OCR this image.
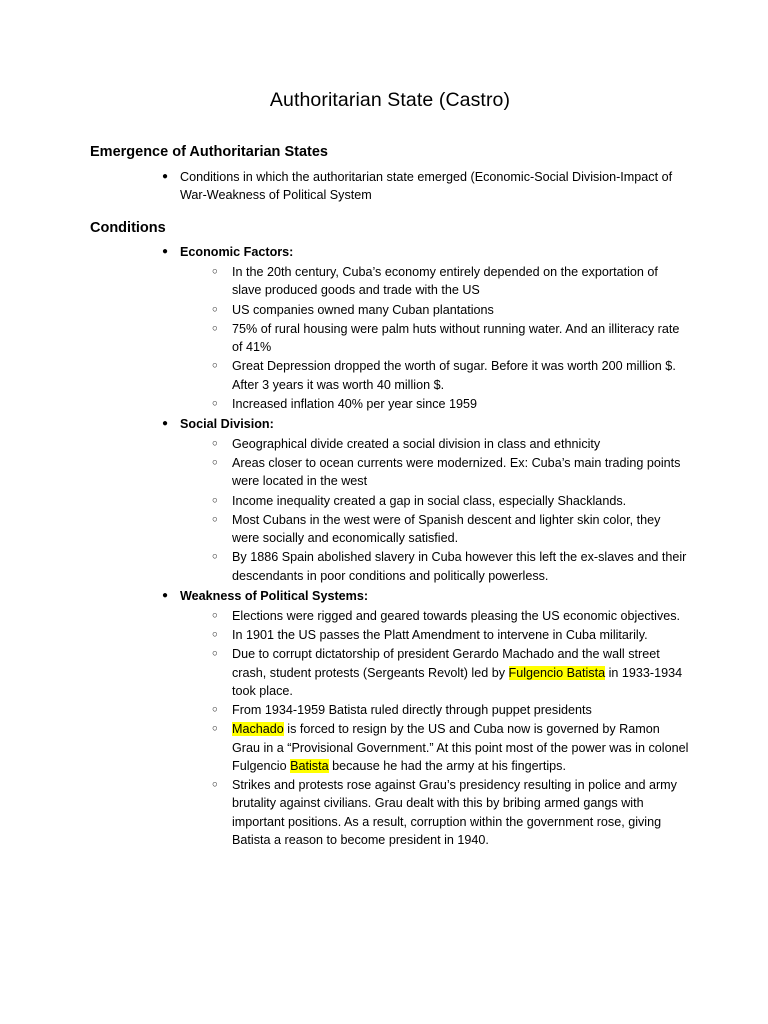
Authoritarian State (Castro)
Emergence of Authoritarian States
● Conditions in which the authoritarian state emerged (Economic-Social Division-Impact of War-Weakness of Political System
Conditions
● Economic Factors:
○ In the 20th century, Cuba’s economy entirely depended on the exportation of slave produced goods and trade with the US
○ US companies owned many Cuban plantations
○ 75% of rural housing were palm huts without running water. And an illiteracy rate of 41%
○ Great Depression dropped the worth of sugar. Before it was worth 200 million $. After 3 years it was worth 40 million $.
○ Increased inflation 40% per year since 1959
● Social Division:
○ Geographical divide created a social division in class and ethnicity
○ Areas closer to ocean currents were modernized. Ex: Cuba’s main trading points were located in the west
○ Income inequality created a gap in social class, especially Shacklands.
○ Most Cubans in the west were of Spanish descent and lighter skin color, they were socially and economically satisfied.
○ By 1886 Spain abolished slavery in Cuba however this left the ex-slaves and their descendants in poor conditions and politically powerless.
● Weakness of Political Systems:
○ Elections were rigged and geared towards pleasing the US economic objectives.
○ In 1901 the US passes the Platt Amendment to intervene in Cuba militarily.
○ Due to corrupt dictatorship of president Gerardo Machado and the wall street crash, student protests (Sergeants Revolt) led by Fulgencio Batista in 1933-1934 took place.
○ From 1934-1959 Batista ruled directly through puppet presidents
○ Machado is forced to resign by the US and Cuba now is governed by Ramon Grau in a “Provisional Government.” At this point most of the power was in colonel Fulgencio Batista because he had the army at his fingertips.
○ Strikes and protests rose against Grau’s presidency resulting in police and army brutality against civilians. Grau dealt with this by bribing armed gangs with important positions. As a result, corruption within the government rose, giving Batista a reason to become president in 1940.
